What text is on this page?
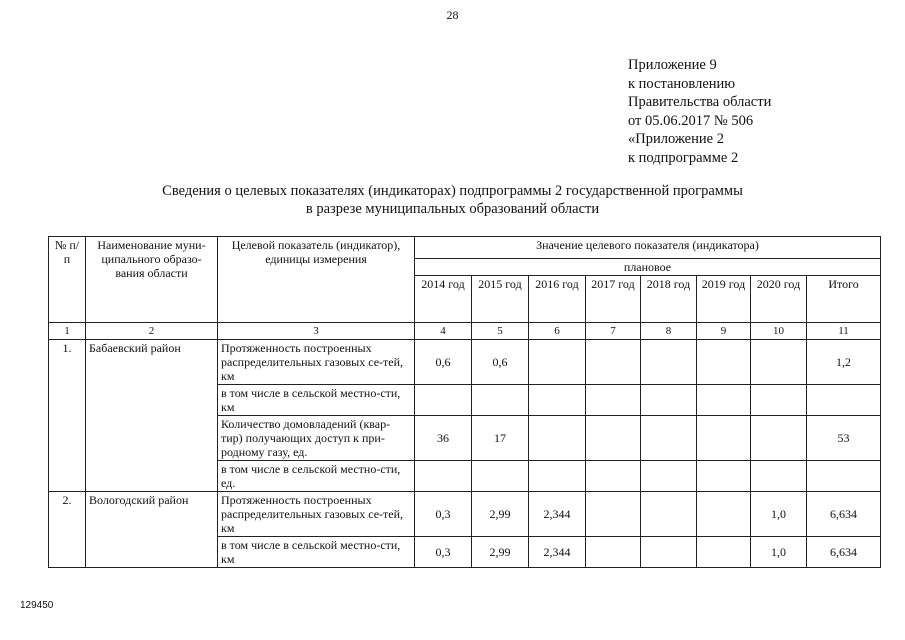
28
Приложение 9
к постановлению
Правительства области
от 05.06.2017 № 506
«Приложение 2
к подпрограмме 2
Сведения о целевых показателях (индикаторах) подпрограммы 2 государственной программы
в разрезе муниципальных образований области
№ п/п	Наименование муни-ципального образо-вания области	Целевой показатель (индикатор), единицы измерения	Значение целевого показателя (индикатора)							
			плановое							
			2014 год	2015 год	2016 год	2017 год	2018 год	2019 год	2020 год	Итого
1	2	3	4	5	6	7	8	9	10	11
1.	Бабаевский район	Протяженность построенных распределительных газовых се-тей, км	0,6	0,6						1,2
		в том числе в сельской местно-сти, км								
		Количество домовладений (квар-тир) получающих доступ к при-родному газу, ед.	36	17						53
		в том числе в сельской местно-сти, ед.								
2.	Вологодский район	Протяженность построенных распределительных газовых се-тей, км	0,3	2,99	2,344				1,0	6,634
		в том числе в сельской местно-сти, км	0,3	2,99	2,344				1,0	6,634
129450
